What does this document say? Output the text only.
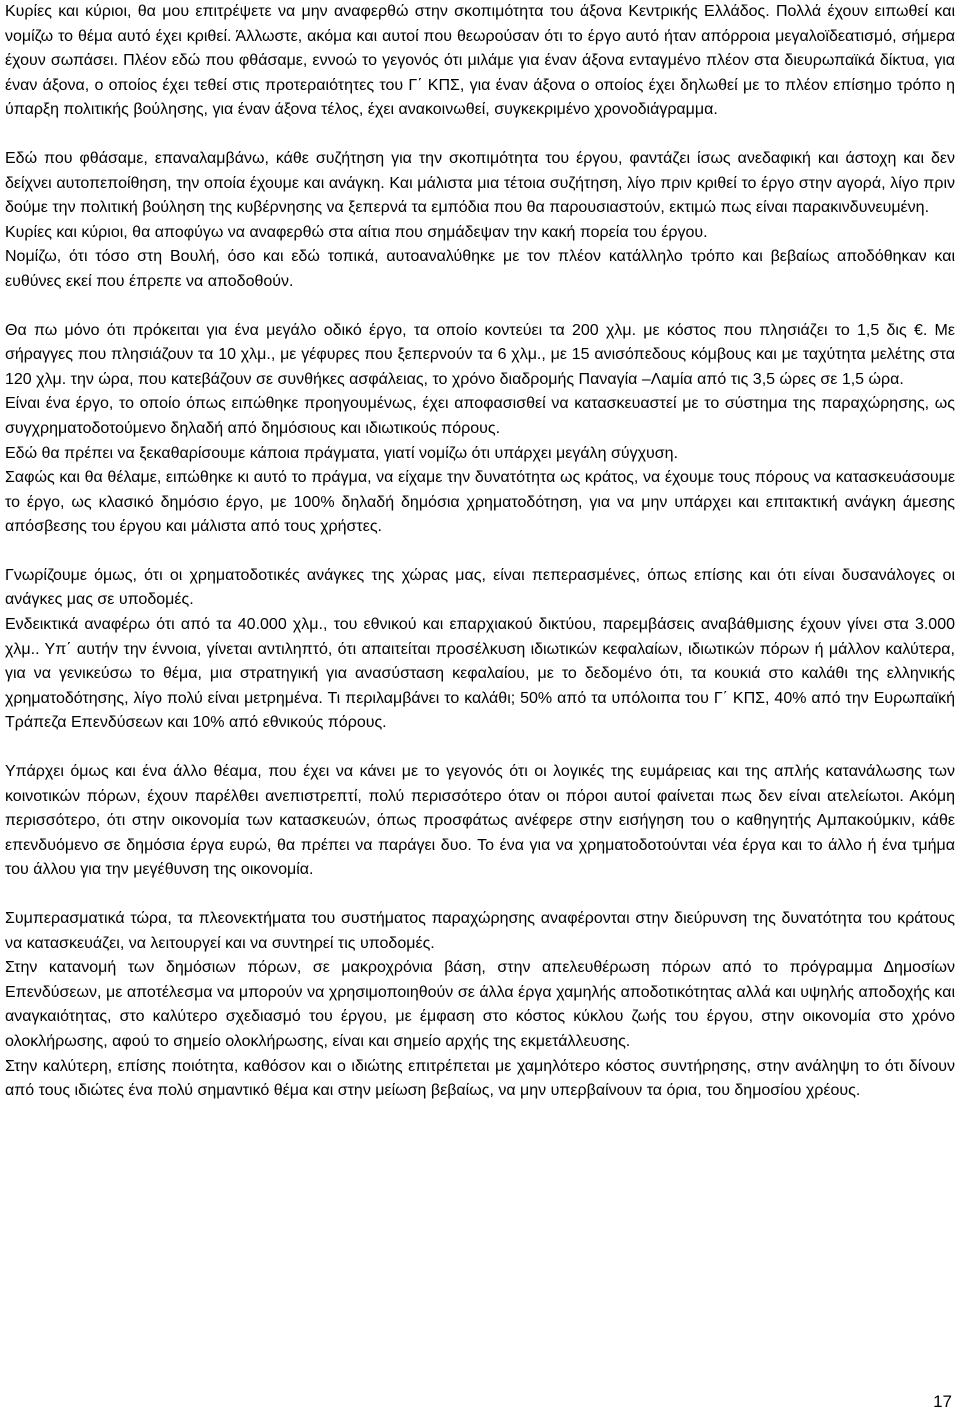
Κυρίες και κύριοι, θα μου επιτρέψετε να μην αναφερθώ στην σκοπιμότητα του άξονα Κεντρικής Ελλάδος. Πολλά έχουν ειπωθεί και νομίζω το θέμα αυτό έχει κριθεί. Άλλωστε, ακόμα και αυτοί που θεωρούσαν ότι το έργο αυτό ήταν απόρροια μεγαλοϊδεατισμό, σήμερα έχουν σωπάσει. Πλέον εδώ που φθάσαμε, εννοώ το γεγονός ότι μιλάμε για έναν άξονα ενταγμένο πλέον στα διευρωπαϊκά δίκτυα, για έναν άξονα, ο οποίος έχει τεθεί στις προτεραιότητες του Γ΄ ΚΠΣ, για έναν άξονα ο οποίος έχει δηλωθεί με το πλέον επίσημο τρόπο η ύπαρξη πολιτικής βούλησης, για έναν άξονα τέλος, έχει ανακοινωθεί, συγκεκριμένο χρονοδιάγραμμα.

Εδώ που φθάσαμε, επαναλαμβάνω, κάθε συζήτηση για την σκοπιμότητα του έργου, φαντάζει ίσως ανεδαφική και άστοχη και δεν δείχνει αυτοπεποίθηση, την οποία έχουμε και ανάγκη. Και μάλιστα μια τέτοια συζήτηση, λίγο πριν κριθεί το έργο στην αγορά, λίγο πριν δούμε την πολιτική βούληση της κυβέρνησης να ξεπερνά τα εμπόδια που θα παρουσιαστούν, εκτιμώ πως είναι παρακινδυνευμένη.

Κυρίες και κύριοι, θα αποφύγω να αναφερθώ στα αίτια που σημάδεψαν την κακή πορεία του έργου.

Νομίζω, ότι τόσο στη Βουλή, όσο και εδώ τοπικά, αυτοαναλύθηκε με τον πλέον κατάλληλο τρόπο και βεβαίως αποδόθηκαν και ευθύνες εκεί που έπρεπε να αποδοθούν.

Θα πω μόνο ότι πρόκειται για ένα μεγάλο οδικό έργο, τα οποίο κοντεύει τα 200 χλμ. με κόστος που πλησιάζει το 1,5 δις €. Με σήραγγες που πλησιάζουν τα 10 χλμ., με γέφυρες που ξεπερνούν τα 6 χλμ., με 15 ανισόπεδους κόμβους και με ταχύτητα μελέτης στα 120 χλμ. την ώρα, που κατεβάζουν σε συνθήκες ασφάλειας, το χρόνο διαδρομής Παναγία –Λαμία από τις 3,5 ώρες σε 1,5 ώρα.

Είναι ένα έργο, το οποίο όπως ειπώθηκε προηγουμένως, έχει αποφασισθεί να κατασκευαστεί με το σύστημα της παραχώρησης, ως συγχρηματοδοτούμενο δηλαδή από δημόσιους και ιδιωτικούς πόρους.

Εδώ θα πρέπει να ξεκαθαρίσουμε κάποια πράγματα, γιατί νομίζω ότι υπάρχει μεγάλη σύγχυση.

Σαφώς και θα θέλαμε, ειπώθηκε κι αυτό το πράγμα, να είχαμε την δυνατότητα ως κράτος, να έχουμε τους πόρους να κατασκευάσουμε το έργο, ως κλασικό δημόσιο έργο, με 100% δηλαδή δημόσια χρηματοδότηση, για να μην υπάρχει και επιτακτική ανάγκη άμεσης απόσβεσης του έργου και μάλιστα από τους χρήστες.

Γνωρίζουμε όμως, ότι οι χρηματοδοτικές ανάγκες της χώρας μας, είναι πεπερασμένες, όπως επίσης και ότι είναι δυσανάλογες οι ανάγκες μας σε υποδομές.

Ενδεικτικά αναφέρω ότι από τα 40.000 χλμ., του εθνικού και επαρχιακού δικτύου, παρεμβάσεις αναβάθμισης έχουν γίνει στα 3.000 χλμ.. Υπ΄ αυτήν την έννοια, γίνεται αντιληπτό, ότι απαιτείται προσέλκυση ιδιωτικών κεφαλαίων, ιδιωτικών πόρων ή μάλλον καλύτερα, για να γενικεύσω το θέμα, μια στρατηγική για ανασύσταση κεφαλαίου, με το δεδομένο ότι, τα κουκιά στο καλάθι της ελληνικής χρηματοδότησης, λίγο πολύ είναι μετρημένα. Τι περιλαμβάνει το καλάθι; 50% από τα υπόλοιπα του Γ΄ ΚΠΣ, 40% από την Ευρωπαϊκή Τράπεζα Επενδύσεων και 10% από εθνικούς πόρους.

Υπάρχει όμως και ένα άλλο θέαμα, που έχει να κάνει με το γεγονός ότι οι λογικές της ευμάρειας και της απλής κατανάλωσης των κοινοτικών πόρων, έχουν παρέλθει ανεπιστρεπτί, πολύ περισσότερο όταν οι πόροι αυτοί φαίνεται πως δεν είναι ατελείωτοι. Ακόμη περισσότερο, ότι στην οικονομία των κατασκευών, όπως προσφάτως ανέφερε στην εισήγηση του ο καθηγητής Αμπακούμκιν, κάθε επενδυόμενο σε δημόσια έργα ευρώ, θα πρέπει να παράγει δυο. Το ένα για να χρηματοδοτούνται νέα έργα και το άλλο ή ένα τμήμα του άλλου για την μεγέθυνση της οικονομία.

Συμπερασματικά τώρα, τα πλεονεκτήματα του συστήματος παραχώρησης αναφέρονται στην διεύρυνση της δυνατότητα του κράτους να κατασκευάζει, να λειτουργεί και να συντηρεί τις υποδομές.

Στην κατανομή των δημόσιων πόρων, σε μακροχρόνια βάση, στην απελευθέρωση πόρων από το πρόγραμμα Δημοσίων Επενδύσεων, με αποτέλεσμα να μπορούν να χρησιμοποιηθούν σε άλλα έργα χαμηλής αποδοτικότητας αλλά και υψηλής αποδοχής και αναγκαιότητας, στο καλύτερο σχεδιασμό του έργου, με έμφαση στο κόστος κύκλου ζωής του έργου, στην οικονομία στο χρόνο ολοκλήρωσης, αφού το σημείο ολοκλήρωσης, είναι και σημείο αρχής της εκμετάλλευσης.

Στην καλύτερη, επίσης ποιότητα, καθόσον και ο ιδιώτης επιτρέπεται με χαμηλότερο κόστος συντήρησης, στην ανάληψη το ότι δίνουν από τους ιδιώτες ένα πολύ σημαντικό θέμα και στην μείωση βεβαίως, να μην υπερβαίνουν τα όρια, του δημοσίου χρέους.

17
